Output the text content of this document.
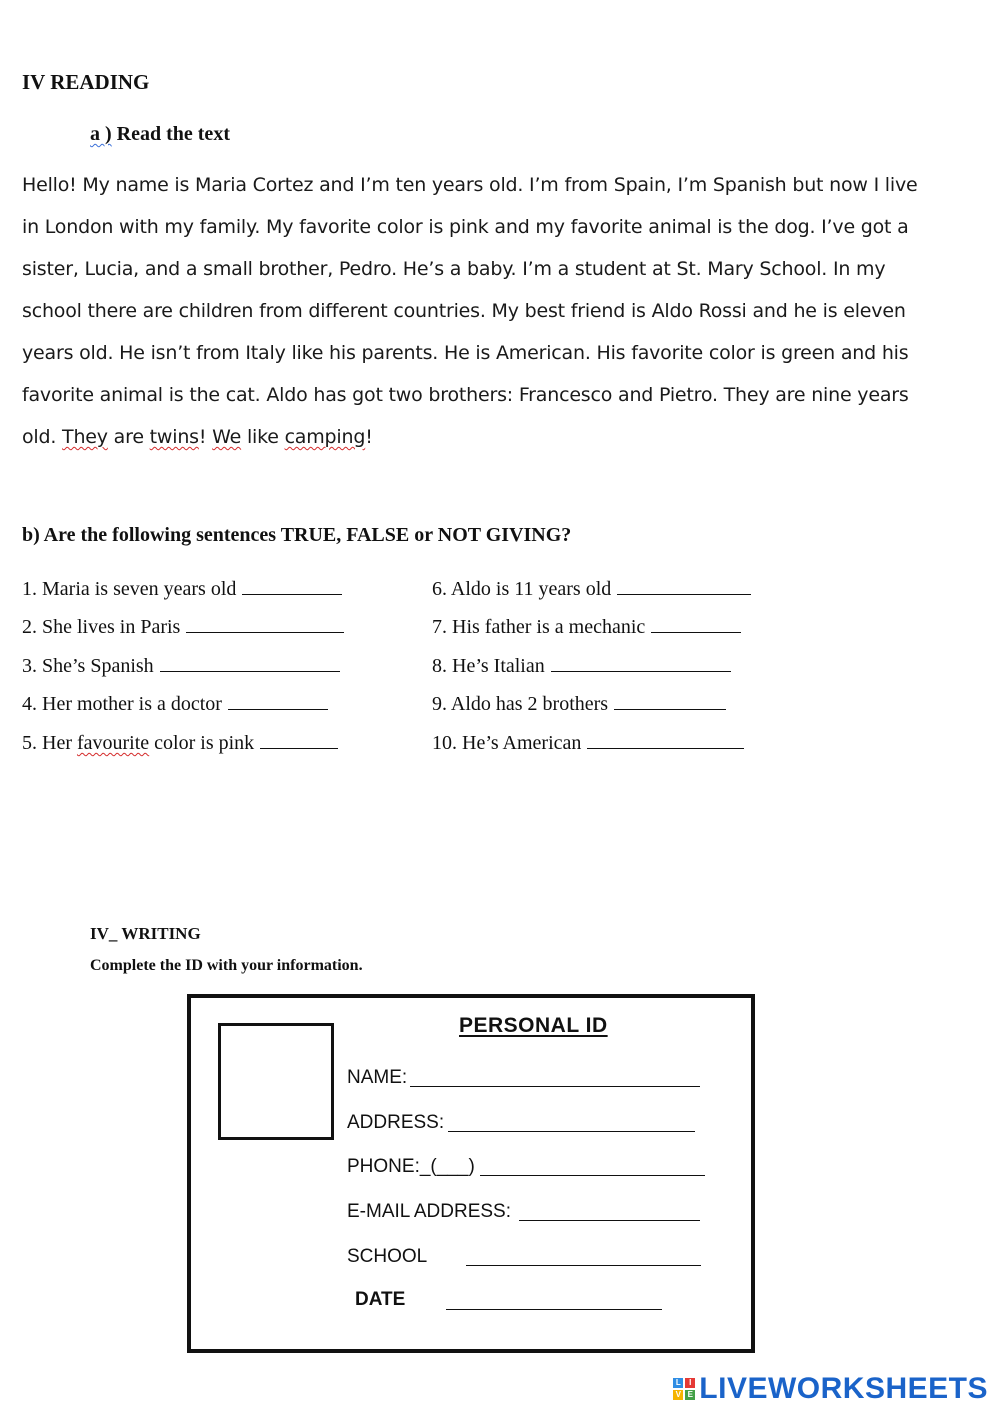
IV READING
a ) Read the text
Hello! My name is Maria Cortez and I’m ten years old. I’m from Spain, I’m Spanish but now I live
in London with my family. My favorite color is pink and my favorite animal is the dog. I’ve got a
sister, Lucia, and a small brother, Pedro. He’s a baby. I’m a student at St. Mary School. In my
school there are children from different countries. My best friend is Aldo Rossi and he is eleven
years old. He isn’t from Italy like his parents. He is American. His favorite color is green and his
favorite animal is the cat. Aldo has got two brothers: Francesco and Pietro. They are nine years
old. They are twins! We like camping!
b) Are the following sentences TRUE, FALSE or NOT GIVING?
1. Maria is seven years old
2. She lives in Paris
3. She’s Spanish
4. Her mother is a doctor
5. Her favourite color is pink
6. Aldo is 11 years old
7. His father is a mechanic
8. He’s Italian
9. Aldo has 2 brothers
10. He’s American
IV_ WRITING
Complete the ID with your information.
PERSONAL ID
NAME:
ADDRESS:
PHONE:_(___)
E-MAIL ADDRESS:
SCHOOL
DATE
L	I
V E LIVEWORKSHEETS
